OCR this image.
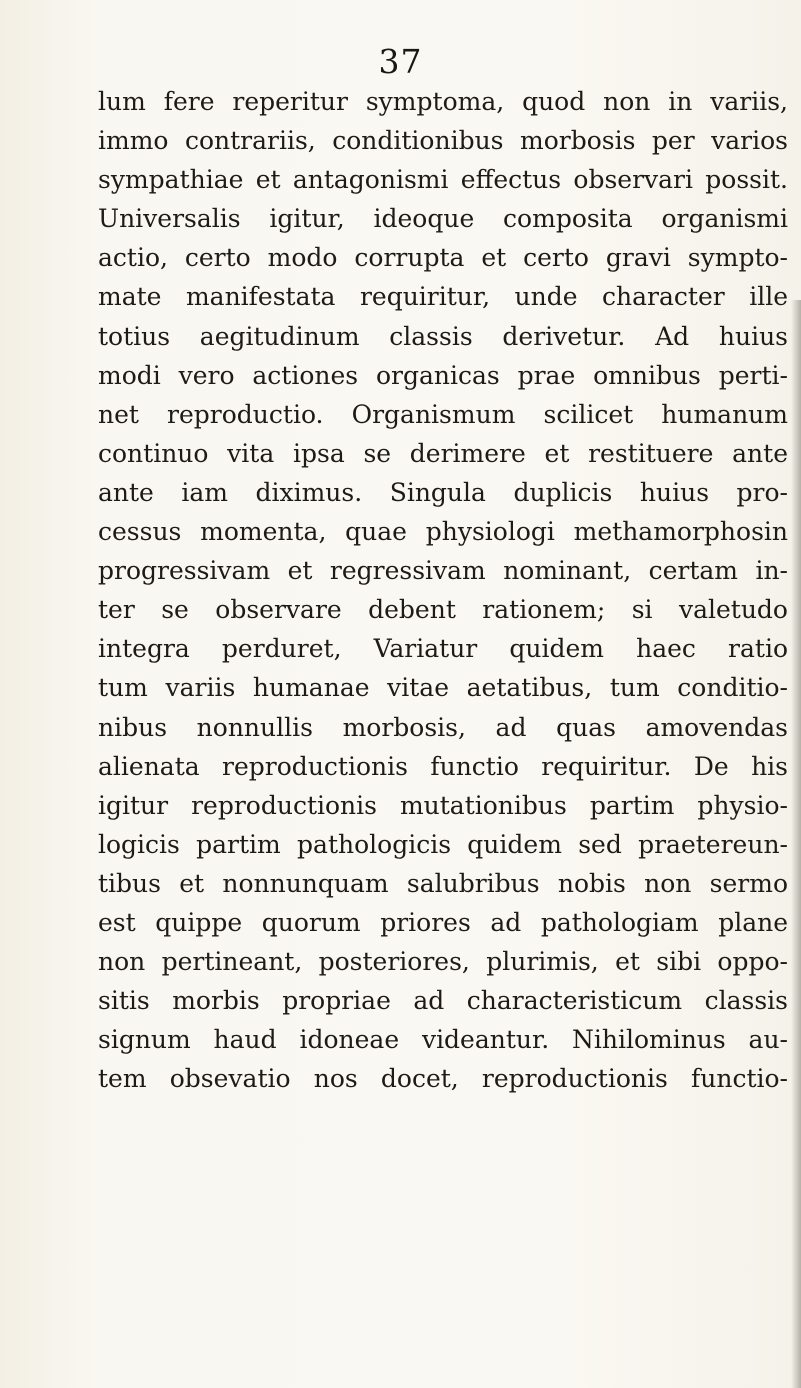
37
lum fere reperitur symptoma, quod non in variis,
immo contrariis, conditionibus morbosis per varios
sympathiae et antagonismi effectus observari possit.
Universalis igitur, ideoque composita organismi
actio, certo modo corrupta et certo gravi sympto-
mate manifestata requiritur, unde character ille
totius aegitudinum classis derivetur. Ad huius
modi vero actiones organicas prae omnibus perti-
net reproductio. Organismum scilicet humanum
continuo vita ipsa se derimere et restituere ante
ante iam diximus. Singula duplicis huius pro-
cessus momenta, quae physiologi methamorphosin
progressivam et regressivam nominant, certam in-
ter se observare debent rationem; si valetudo
integra perduret, Variatur quidem haec ratio
tum variis humanae vitae aetatibus, tum conditio-
nibus nonnullis morbosis, ad quas amovendas
alienata reproductionis functio requiritur. De his
igitur reproductionis mutationibus partim physio-
logicis partim pathologicis quidem sed praetereun-
tibus et nonnunquam salubribus nobis non sermo
est quippe quorum priores ad pathologiam plane
non pertineant, posteriores, plurimis, et sibi oppo-
sitis morbis propriae ad characteristicum classis
signum haud idoneae videantur. Nihilominus au-
tem obsevatio nos docet, reproductionis functio-
